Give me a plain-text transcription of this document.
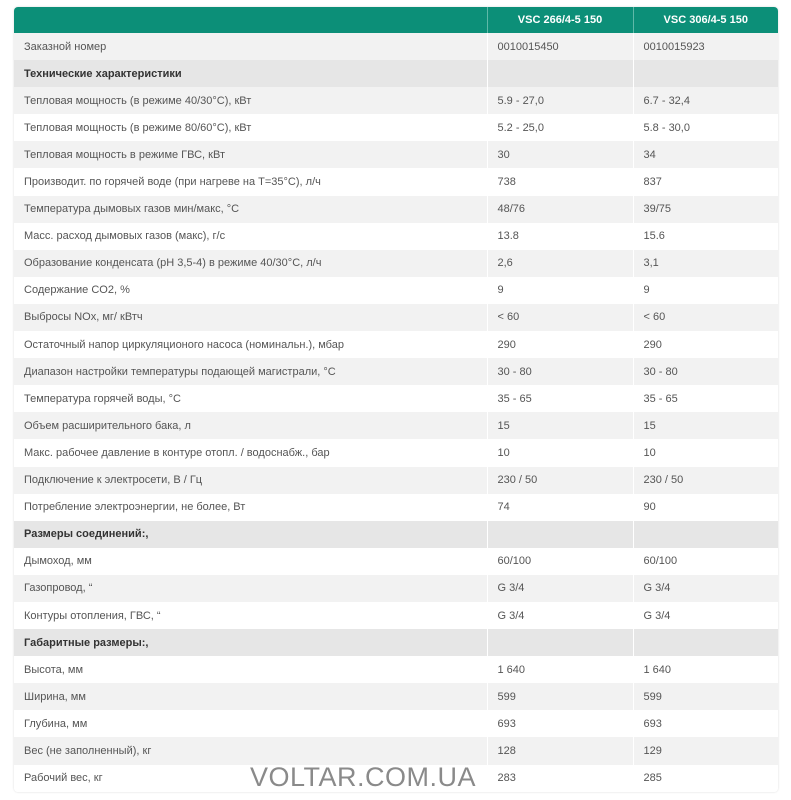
	VSC 266/4-5 150	VSC 306/4-5 150
Заказной номер	0010015450	0010015923
Технические характеристики		
Тепловая мощность (в режиме 40/30°C), кВт	5.9 - 27,0	6.7 - 32,4
Тепловая мощность (в режиме 80/60°C), кВт	5.2 - 25,0	5.8 - 30,0
Тепловая мощность в режиме ГВС, кВт	30	34
Производит. по горячей воде (при нагреве на Т=35°C), л/ч	738	837
Температура дымовых газов мин/макс, °C	48/76	39/75
Масс. расход дымовых газов (макс), г/с	13.8	15.6
Образование конденсата (pH 3,5-4) в режиме 40/30°C, л/ч	2,6	3,1
Содержание CO2, %	9	9
Выбросы NOx, мг/ кВтч	< 60	< 60
Остаточный напор циркуляционого насоса (номинальн.), мбар	290	290
Диапазон настройки температуры подающей магистрали, °C	30 - 80	30 - 80
Температура горячей воды, °C	35 - 65	35 - 65
Объем расширительного бака, л	15	15
Макс. рабочее давление в контуре отопл. / водоснабж., бар	10	10
Подключение к электросети, В / Гц	230 / 50	230 / 50
Потребление электроэнергии, не более, Вт	74	90
Размеры соединений:,		
Дымоход, мм	60/100	60/100
Газопровод, “	G 3/4	G 3/4
Контуры отопления, ГВС, “	G 3/4	G 3/4
Габаритные размеры:,		
Высота, мм	1 640	1 640
Ширина, мм	599	599
Глубина, мм	693	693
Вес (не заполненный), кг	128	129
Рабочий вес, кг	283	285
VOLTAR.COM.UA
